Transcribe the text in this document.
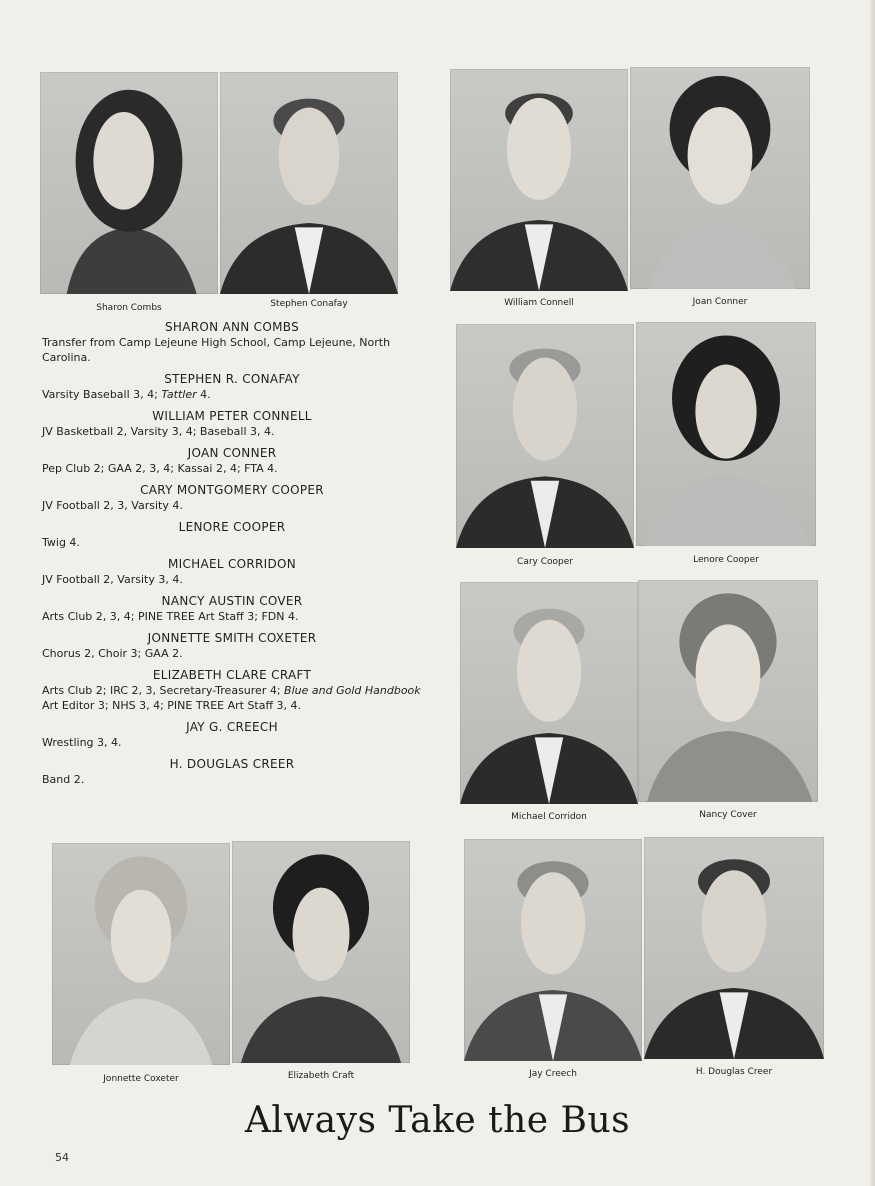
Sharon Combs	Stephen Conafay	William Connell	Joan Conner
Cary Cooper	Lenore Cooper
Michael Corridon	Nancy Cover
Jonnette Coxeter	Elizabeth Craft	Jay Creech	H. Douglas Creer
SHARON ANN COMBS
Transfer from Camp Lejeune High School, Camp Lejeune, North Carolina.
STEPHEN R. CONAFAY
Varsity Baseball 3, 4; Tattler 4.
WILLIAM PETER CONNELL
JV Basketball 2, Varsity 3, 4; Baseball 3, 4.
JOAN CONNER
Pep Club 2; GAA 2, 3, 4; Kassai 2, 4; FTA 4.
CARY MONTGOMERY COOPER
JV Football 2, 3, Varsity 4.
LENORE COOPER
Twig 4.
MICHAEL CORRIDON
JV Football 2, Varsity 3, 4.
NANCY AUSTIN COVER
Arts Club 2, 3, 4; PINE TREE Art Staff 3; FDN 4.
JONNETTE SMITH COXETER
Chorus 2, Choir 3; GAA 2.
ELIZABETH CLARE CRAFT
Arts Club 2; IRC 2, 3, Secretary-Treasurer 4; Blue and Gold Handbook Art Editor 3; NHS 3, 4; PINE TREE Art Staff 3, 4.
JAY G. CREECH
Wrestling 3, 4.
H. DOUGLAS CREER
Band 2.
Always Take the Bus
54
